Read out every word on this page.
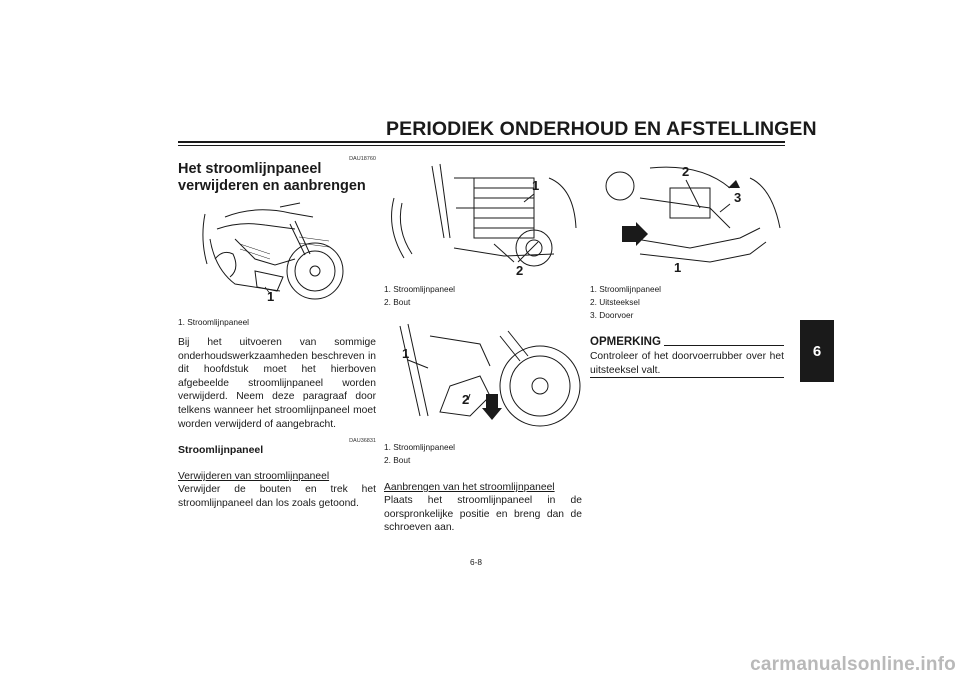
PERIODIEK ONDERHOUD EN AFSTELLINGEN
6
DAU18760
Het stroomlijnpaneel verwijderen en aanbrengen
1
1. Stroomlijnpaneel
Bij het uitvoeren van sommige onderhoudswerkzaamheden beschreven in dit hoofdstuk moet het hierboven afgebeelde stroomlijnpaneel worden verwijderd. Neem deze paragraaf door telkens wanneer het stroomlijnpaneel moet worden verwijderd of aangebracht.
DAU36831
Stroomlijnpaneel
Verwijderen van stroomlijnpaneel
Verwijder de bouten en trek het stroomlijnpaneel dan los zoals getoond.
1
2
1. Stroomlijnpaneel
2. Bout
1
2
1. Stroomlijnpaneel
2. Bout
Aanbrengen van het stroomlijnpaneel
Plaats het stroomlijnpaneel in de oorspronkelijke positie en breng dan de schroeven aan.
2
3
1
1. Stroomlijnpaneel
2. Uitsteeksel
3. Doorvoer
OPMERKING
Controleer of het doorvoerrubber over het uitsteeksel valt.
6-8
carmanualsonline.info
